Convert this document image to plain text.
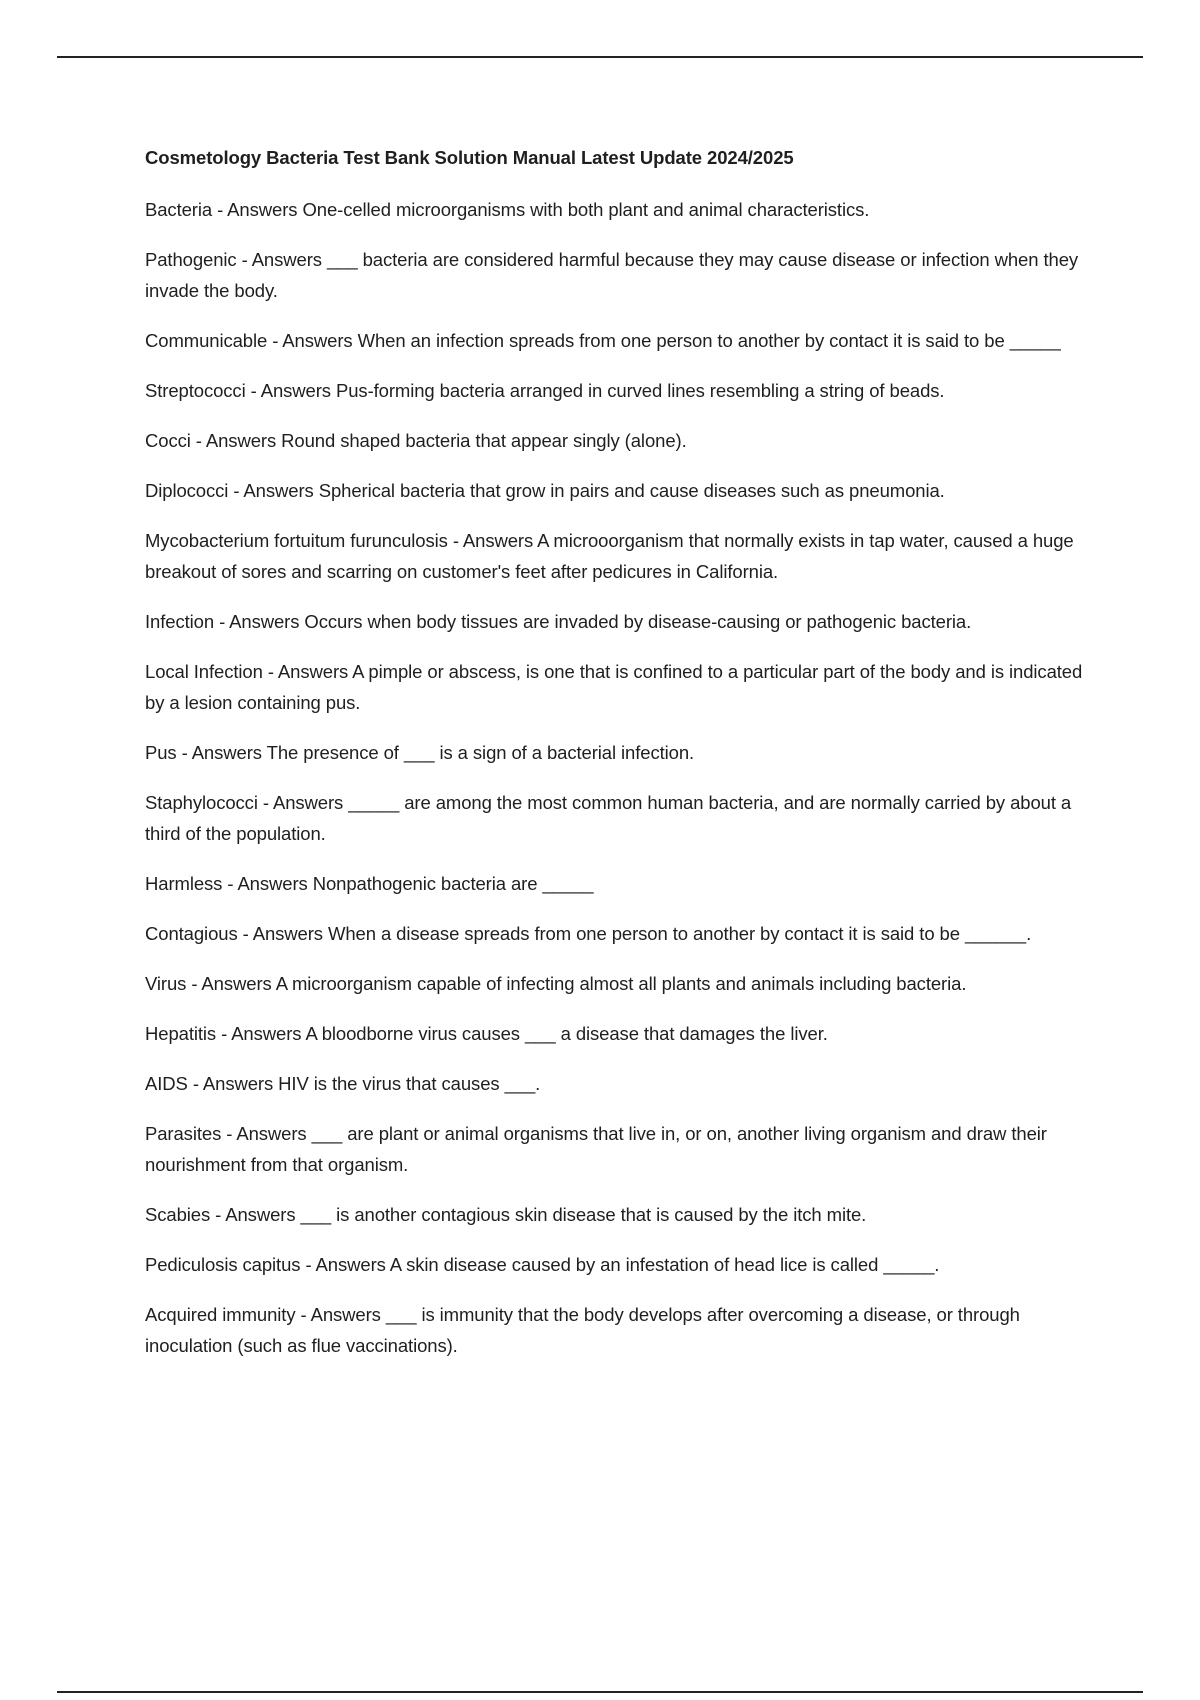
Cosmetology Bacteria Test Bank Solution Manual Latest Update 2024/2025
Bacteria - Answers One-celled microorganisms with both plant and animal characteristics.
Pathogenic - Answers ___ bacteria are considered harmful because they may cause disease or infection when they invade the body.
Communicable - Answers When an infection spreads from one person to another by contact it is said to be _____
Streptococci - Answers Pus-forming bacteria arranged in curved lines resembling a string of beads.
Cocci - Answers Round shaped bacteria that appear singly (alone).
Diplococci - Answers Spherical bacteria that grow in pairs and cause diseases such as pneumonia.
Mycobacterium fortuitum furunculosis - Answers A microoorganism that normally exists in tap water, caused a huge breakout of sores and scarring on customer's feet after pedicures in California.
Infection - Answers Occurs when body tissues are invaded by disease-causing or pathogenic bacteria.
Local Infection - Answers A pimple or abscess, is one that is confined to a particular part of the body and is indicated by a lesion containing pus.
Pus - Answers The presence of ___ is a sign of a bacterial infection.
Staphylococci - Answers _____ are among the most common human bacteria, and are normally carried by about a third of the population.
Harmless - Answers Nonpathogenic bacteria are _____
Contagious - Answers When a disease spreads from one person to another by contact it is said to be ______.
Virus - Answers A microorganism capable of infecting almost all plants and animals including bacteria.
Hepatitis - Answers A bloodborne virus causes ___ a disease that damages the liver.
AIDS - Answers HIV is the virus that causes ___.
Parasites - Answers ___ are plant or animal organisms that live in, or on, another living organism and draw their nourishment from that organism.
Scabies - Answers ___ is another contagious skin disease that is caused by the itch mite.
Pediculosis capitus - Answers A skin disease caused by an infestation of head lice is called _____.
Acquired immunity - Answers ___ is immunity that the body develops after overcoming a disease, or through inoculation (such as flue vaccinations).
